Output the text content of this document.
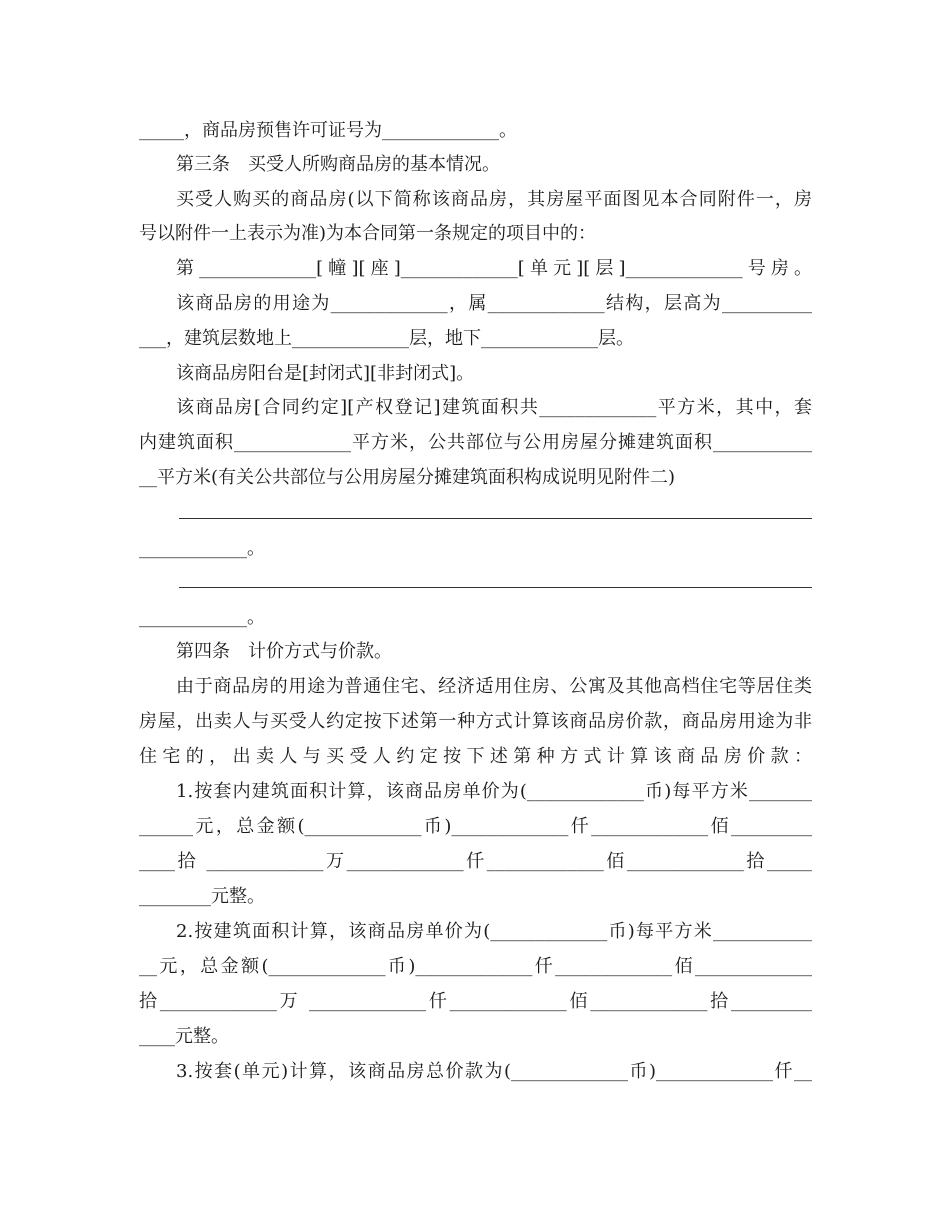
_____，商品房预售许可证号为_____________。
第三条　买受人所购商品房的基本情况。
买受人购买的商品房(以下简称该商品房，其房屋平面图见本合同附件一，房
号以附件一上表示为准)为本合同第一条规定的项目中的：
第_____________[幢][座]_____________[单元][层]_____________号房。
该商品房的用途为_____________，属_____________结构，层高为__________
___，建筑层数地上_____________层，地下_____________层。
该商品房阳台是[封闭式][非封闭式]。
该商品房[合同约定][产权登记]建筑面积共_____________平方米，其中，套
内建筑面积_____________平方米，公共部位与公用房屋分摊建筑面积___________
__平方米(有关公共部位与公用房屋分摊建筑面积构成说明见附件二)
____________。
____________。
第四条　计价方式与价款。
由于商品房的用途为普通住宅、经济适用住房、公寓及其他高档住宅等居住类
房屋，出卖人与买受人约定按下述第一种方式计算该商品房价款，商品房用途为非
住宅的，出卖人与买受人约定按下述第种方式计算该商品房价款：
1.按套内建筑面积计算，该商品房单价为(_____________币)每平方米_______
______元，总金额(_____________币)_____________仟_____________佰_________
____拾 _____________万_____________仟_____________佰_____________拾_____
________元整。
2.按建筑面积计算，该商品房单价为(_____________币)每平方米___________
__元，总金额(_____________币)_____________仟_____________佰_____________
拾_____________万 _____________仟_____________佰_____________拾_________
____元整。
3.按套(单元)计算，该商品房总价款为(_____________币)_____________仟__
